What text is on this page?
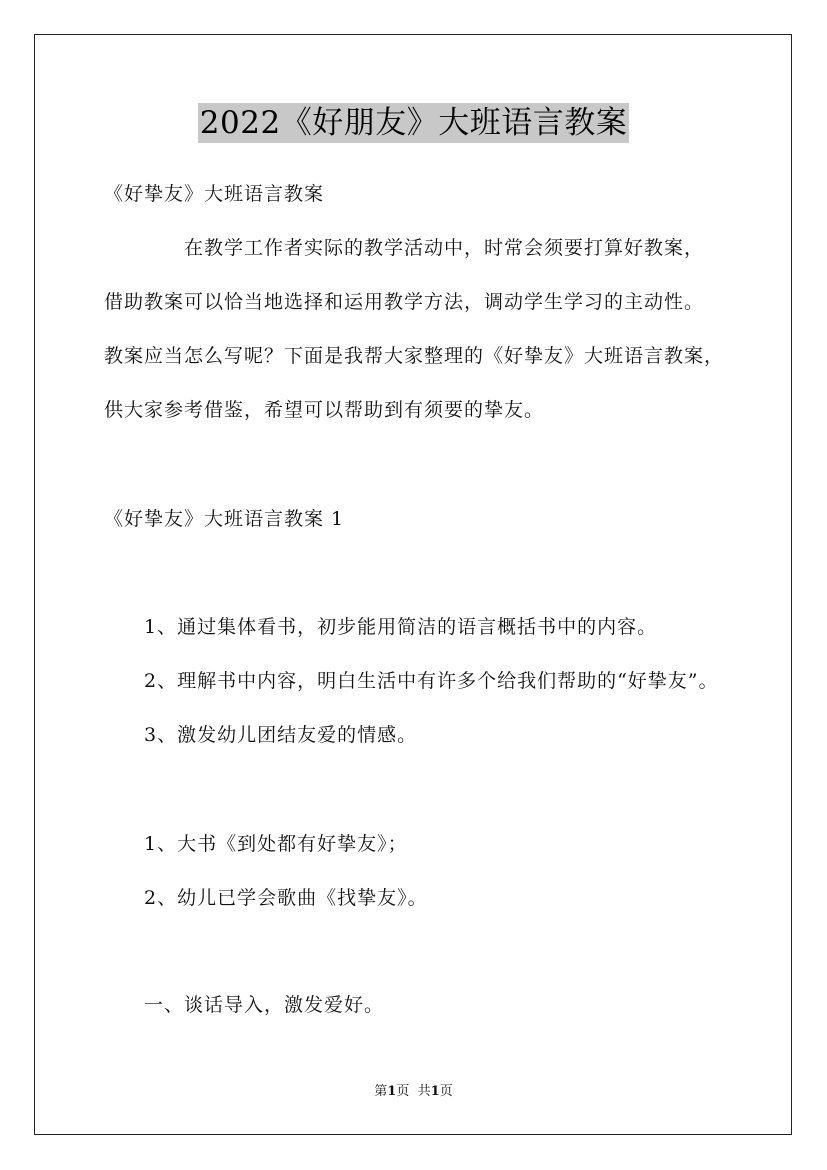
2022《好朋友》大班语言教案
《好挚友》大班语言教案
在教学工作者实际的教学活动中，时常会须要打算好教案，
借助教案可以恰当地选择和运用教学方法，调动学生学习的主动性。
教案应当怎么写呢？下面是我帮大家整理的《好挚友》大班语言教案，
供大家参考借鉴，希望可以帮助到有须要的挚友。
《好挚友》大班语言教案 1
1、通过集体看书，初步能用简洁的语言概括书中的内容。
2、理解书中内容，明白生活中有许多个给我们帮助的“好挚友”。
3、激发幼儿团结友爱的情感。
1、大书《到处都有好挚友》；
2、幼儿已学会歌曲《找挚友》。
一、谈话导入，激发爱好。
第1页 共1页
